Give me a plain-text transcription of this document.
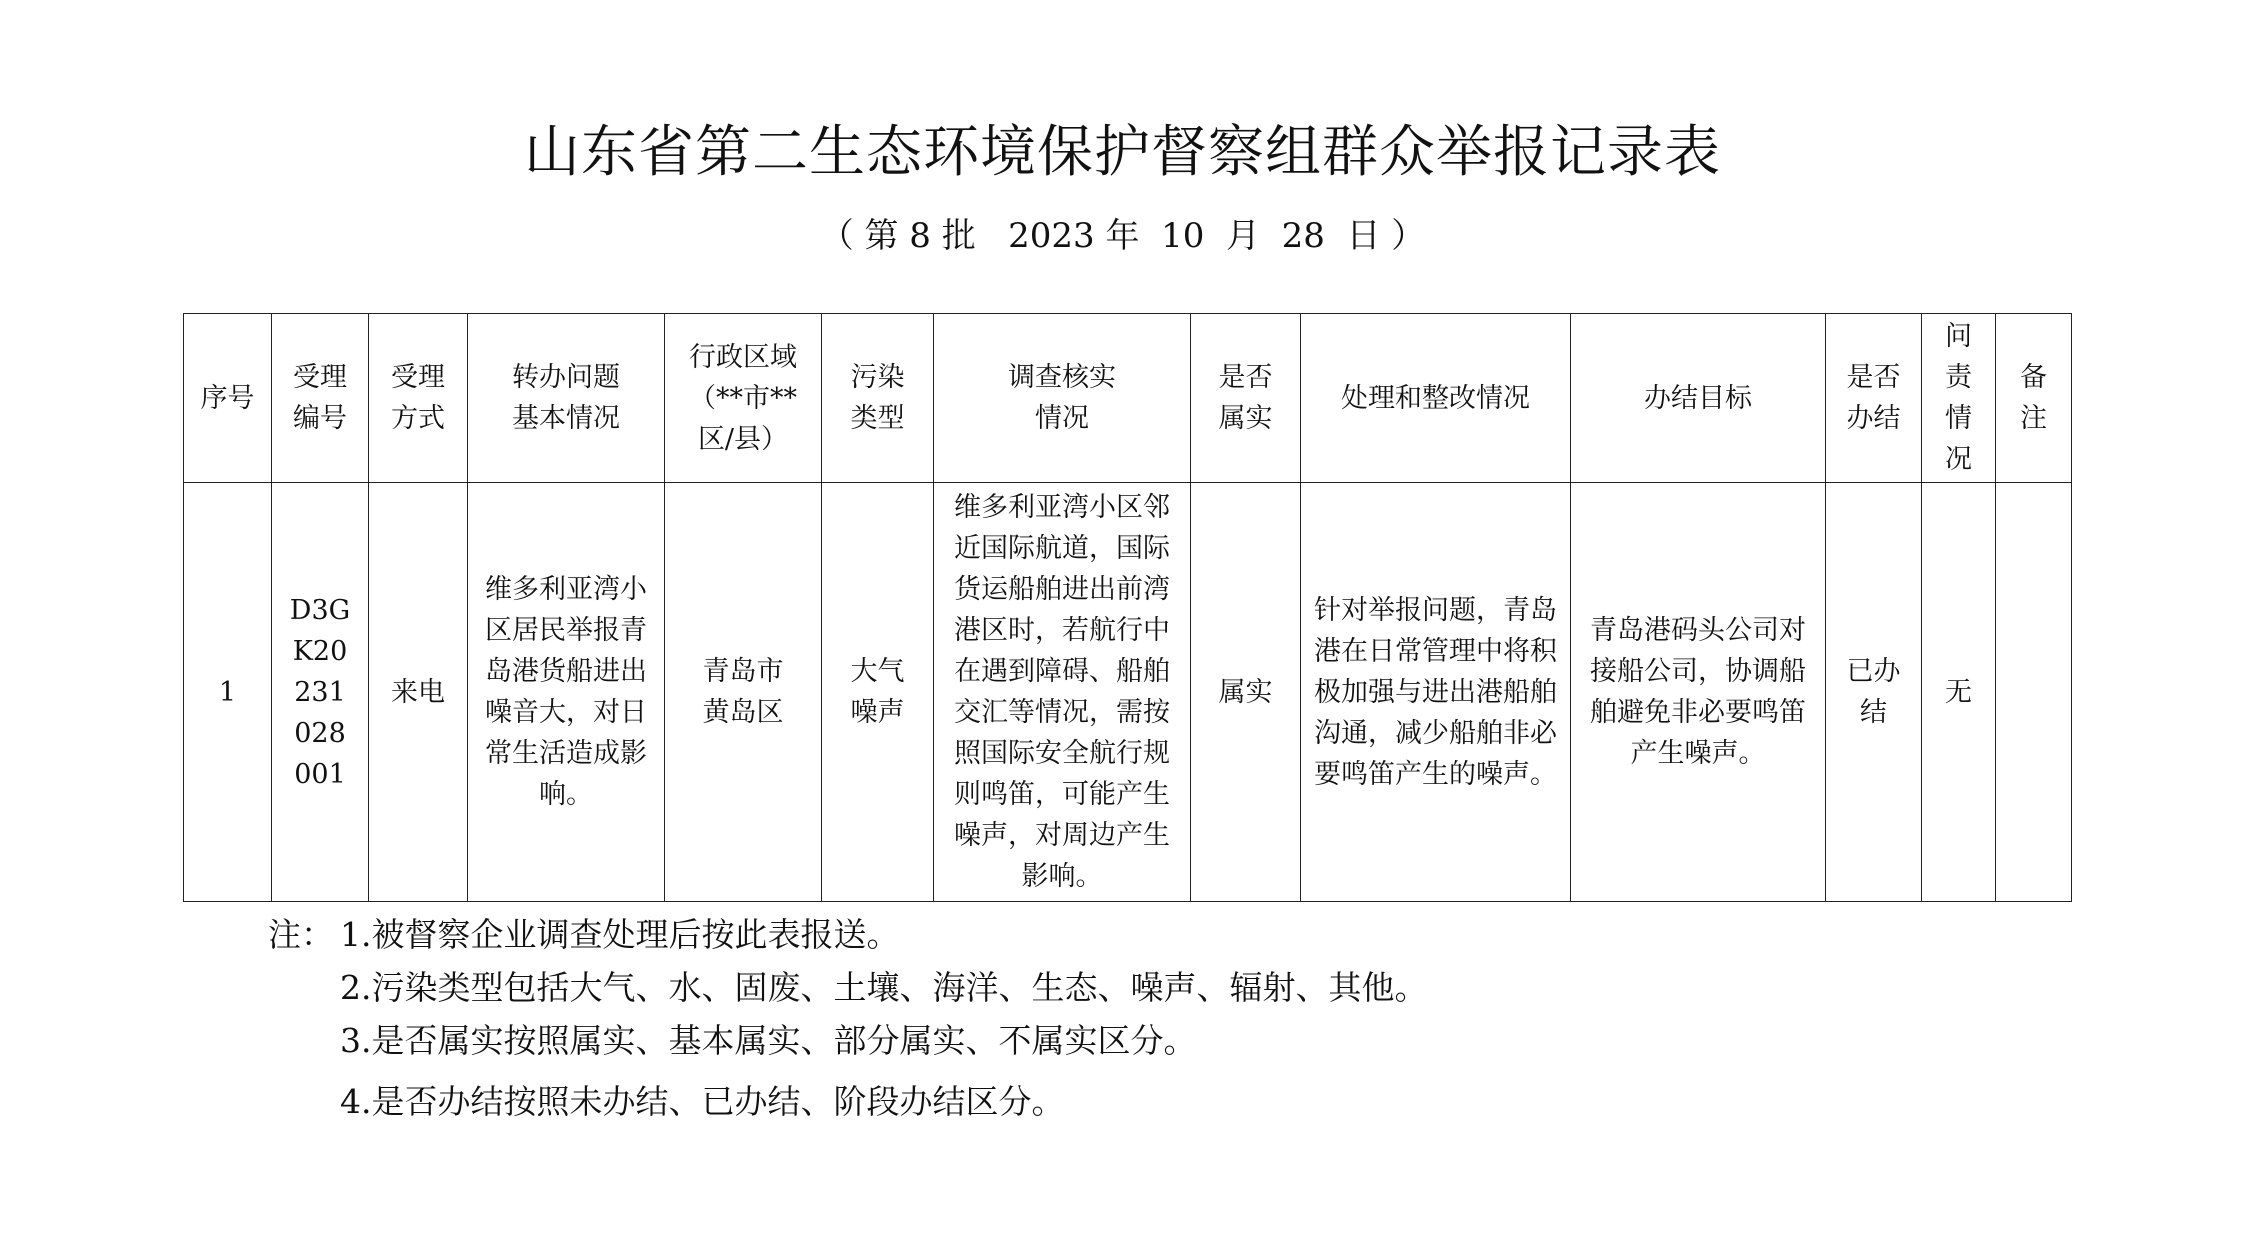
山东省第二生态环境保护督察组群众举报记录表
（ 第 8 批   2023 年  10  月  28  日 ）
序号	受理编号	受理方式	转办问题基本情况	行政区域（**市**区/县）	污染类型	调查核实情况	是否属实	处理和整改情况	办结目标	是否办结	问责情况	备注
1	D3GK20231028001	来电	维多利亚湾小区居民举报青岛港货船进出噪音大，对日常生活造成影响。	青岛市黄岛区	大气噪声	维多利亚湾小区邻近国际航道，国际货运船舶进出前湾港区时，若航行中在遇到障碍、船舶交汇等情况，需按照国际安全航行规则鸣笛，可能产生噪声，对周边产生影响。	属实	针对举报问题，青岛港在日常管理中将积极加强与进出港船舶沟通，减少船舶非必要鸣笛产生的噪声。	青岛港码头公司对接船公司，协调船舶避免非必要鸣笛产生噪声。	已办结	无	
注： 1.被督察企业调查处理后按此表报送。
2.污染类型包括大气、水、固废、土壤、海洋、生态、噪声、辐射、其他。
3.是否属实按照属实、基本属实、部分属实、不属实区分。
4.是否办结按照未办结、已办结、阶段办结区分。
